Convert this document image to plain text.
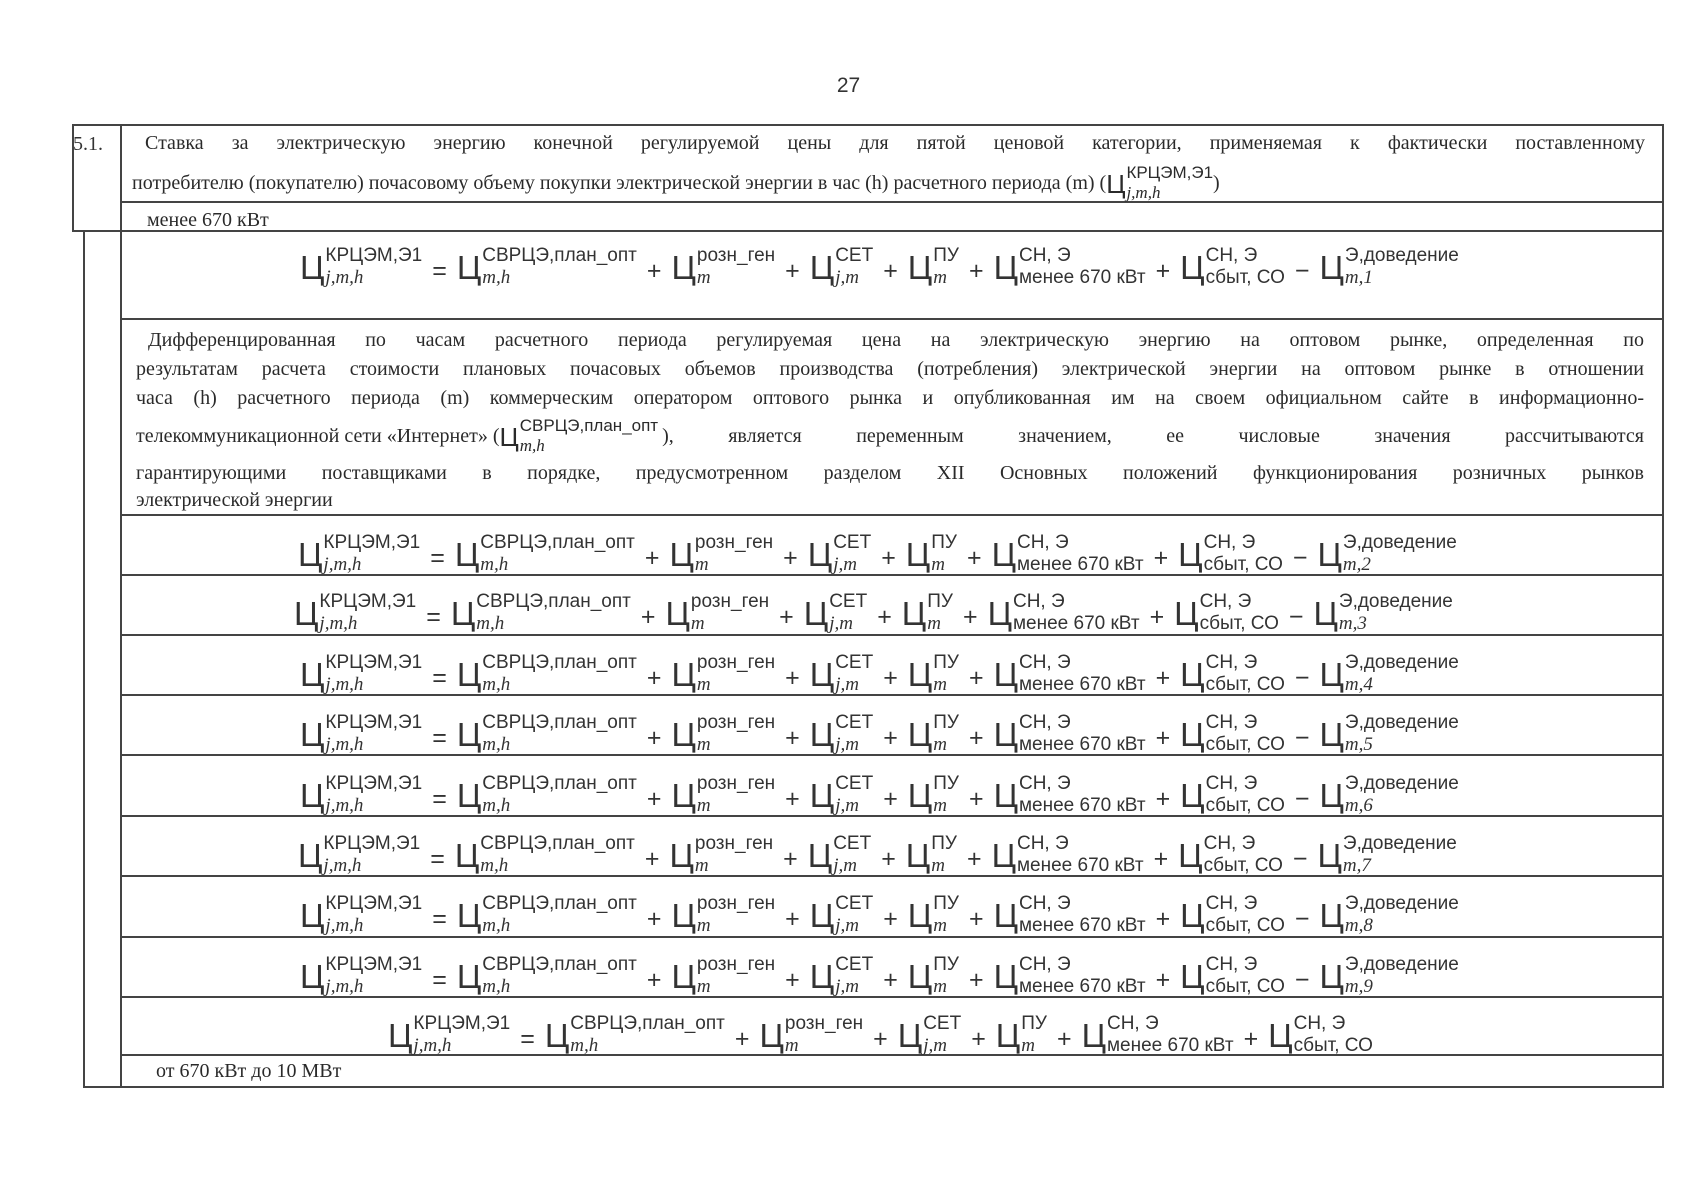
27
5.1. Ставка за электрическую энергию конечной регулируемой цены для пятой ценовой категории, применяемая к фактически поставленному
потребителю (покупателю) почасовому объему покупки электрической энергии в час (h) расчетного периода (m) ( Ц КРЦЭМ,Э1
j,m,h	)
менее 670 кВт
Ц КРЦЭМ,Э1
j,m,h	= Ц СВРЦЭ,план_опт
m,h	+ Ц розн_ген
m	+ Ц СЕТ
j,m + Ц ПУ
m + Ц СН, Э
менее 670 кВт + Ц СН, Э
сбыт, СО − Ц Э,доведение
m,1
Ц КРЦЭМ,Э1
j,m,h	= Ц СВРЦЭ,план_опт
m,h	+ Ц розн_ген
m	+ Ц СЕТ
j,m + Ц ПУ
m + Ц СН, Э
менее 670 кВт + Ц СН, Э
сбыт, СО − Ц Э,доведение
m,2
Ц КРЦЭМ,Э1
j,m,h	= Ц СВРЦЭ,план_опт
m,h	+ Ц розн_ген
m	+ Ц СЕТ
j,m + Ц ПУ
m + Ц СН, Э
менее 670 кВт + Ц СН, Э
сбыт, СО − Ц Э,доведение
m,3
Ц КРЦЭМ,Э1
j,m,h	= Ц СВРЦЭ,план_опт
m,h	+ Ц розн_ген
m	+ Ц СЕТ
j,m + Ц ПУ
m + Ц СН, Э
менее 670 кВт + Ц СН, Э
сбыт, СО − Ц Э,доведение
m,4
Ц КРЦЭМ,Э1
j,m,h	= Ц СВРЦЭ,план_опт
m,h	+ Ц розн_ген
m	+ Ц СЕТ
j,m + Ц ПУ
m + Ц СН, Э
менее 670 кВт + Ц СН, Э
сбыт, СО − Ц Э,доведение
m,5
Ц КРЦЭМ,Э1
j,m,h	= Ц СВРЦЭ,план_опт
m,h	+ Ц розн_ген
m	+ Ц СЕТ
j,m + Ц ПУ
m + Ц СН, Э
менее 670 кВт + Ц СН, Э
сбыт, СО − Ц Э,доведение
m,6
Ц КРЦЭМ,Э1
j,m,h	= Ц СВРЦЭ,план_опт
m,h	+ Ц розн_ген
m	+ Ц СЕТ
j,m + Ц ПУ
m + Ц СН, Э
менее 670 кВт + Ц СН, Э
сбыт, СО − Ц Э,доведение
m,7
Ц КРЦЭМ,Э1
j,m,h	= Ц СВРЦЭ,план_опт
m,h	+ Ц розн_ген
m	+ Ц СЕТ
j,m + Ц ПУ
m + Ц СН, Э
менее 670 кВт + Ц СН, Э
сбыт, СО − Ц Э,доведение
m,8
Ц КРЦЭМ,Э1
j,m,h	= Ц СВРЦЭ,план_опт
m,h	+ Ц розн_ген
m	+ Ц СЕТ
j,m + Ц ПУ
m + Ц СН, Э
менее 670 кВт + Ц СН, Э
сбыт, СО − Ц Э,доведение
m,9
Ц КРЦЭМ,Э1
j,m,h	= Ц СВРЦЭ,план_опт
m,h	+ Ц розн_ген
m	+ Ц СЕТ
j,m + Ц ПУ
m + Ц СН, Э
менее 670 кВт + Ц СН, Э
сбыт, СО
Дифференцированная по часам расчетного периода регулируемая цена на электрическую энергию на оптовом рынке, определенная по
результатам расчета стоимости плановых почасовых объемов производства (потребления) электрической энергии на оптовом рынке в отношении
часа (h) расчетного периода (m) коммерческим оператором оптового рынка и опубликованная им на своем официальном сайте в информационно-
телекоммуникационной сети «Интернет» ( Ц СВРЦЭ,план_опт
m,h	), является переменным значением, ее числовые значения рассчитываются
гарантирующими поставщиками в порядке, предусмотренном разделом XII Основных положений функционирования розничных рынков
электрической энергии
от 670 кВт до 10 МВт
